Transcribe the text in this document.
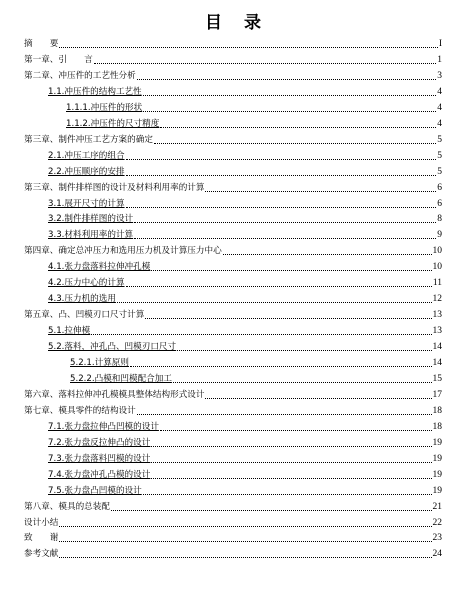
目 录
摘　　要	I
第一章、引　　言	1
第二章、冲压件的工艺性分析	3
1.1.冲压件的结构工艺性	4
1.1.1.冲压件的形状	4
1.1.2.冲压件的尺寸精度	4
第三章、制件冲压工艺方案的确定	5
2.1.冲压工序的组合	5
2.2.冲压顺序的安排	5
第三章、制件排样图的设计及材料利用率的计算	6
3.1.展开尺寸的计算	6
3.2.制件排样图的设计	8
3.3.材料利用率的计算	9
第四章、确定总冲压力和选用压力机及计算压力中心	10
4.1.张力盘落料拉伸冲孔模	10
4.2.压力中心的计算	11
4.3.压力机的选用	12
第五章、凸、凹模刃口尺寸计算	13
5.1.拉伸模	13
5.2.落料，冲孔凸、凹模刃口尺寸	14
5.2.1.计算原则	14
5.2.2.凸模和凹模配合加工	15
第六章、落料拉伸冲孔模模具整体结构形式设计	17
第七章、模具零件的结构设计	18
7.1.张力盘拉伸凸凹模的设计	18
7.2.张力盘反拉伸凸的设计	19
7.3.张力盘落料凹模的设计	19
7.4.张力盘冲孔凸模的设计	19
7.5.张力盘凸凹模的设计	19
第八章、模具的总装配	21
设计小结	22
致　　谢	23
参考文献	24
